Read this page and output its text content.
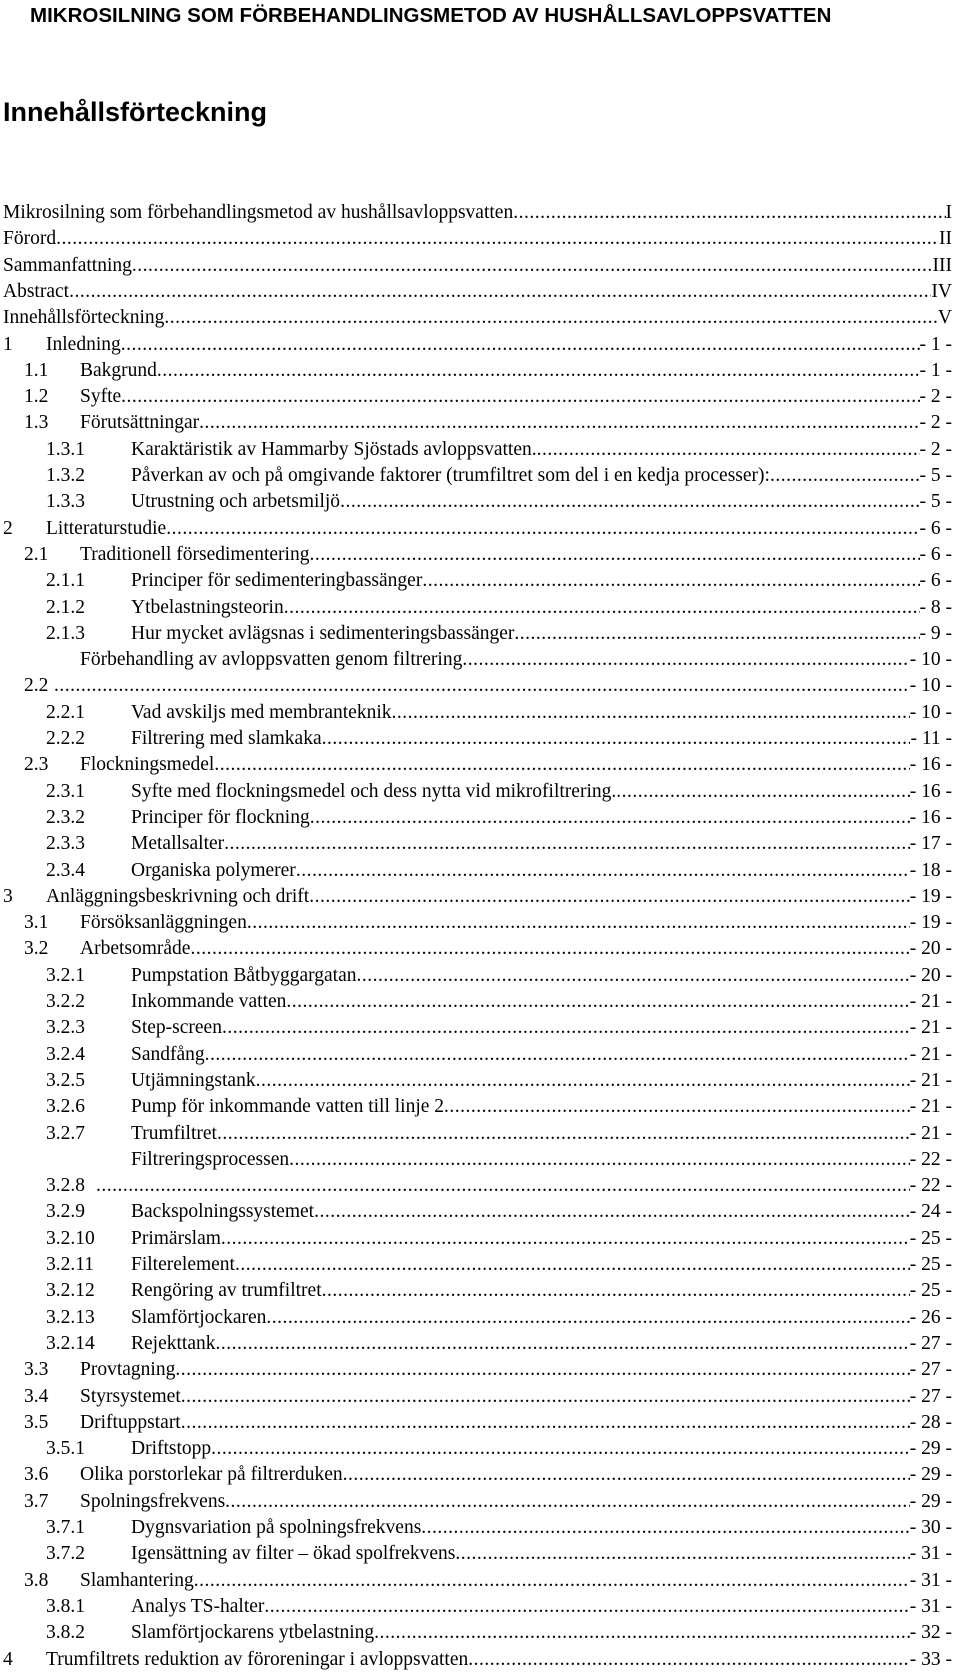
MIKROSILNING SOM FÖRBEHANDLINGSMETOD AV HUSHÅLLSAVLOPPSVATTEN
Innehållsförteckning
Mikrosilning som förbehandlingsmetod av hushållsavloppsvatten .....	I
Förord .....	II
Sammanfattning .....	III
Abstract .....	IV
Innehållsförteckning .....	V
1 Inledning .....	- 1 -
1.1 Bakgrund .....	- 1 -
1.2 Syfte .....	- 2 -
1.3 Förutsättningar .....	- 2 -
1.3.1 Karaktäristik av Hammarby Sjöstads avloppsvatten. .....	- 2 -
1.3.2 Påverkan av och på omgivande faktorer (trumfiltret som del i en kedja processer): .....	- 5 -
1.3.3 Utrustning och arbetsmiljö .....	- 5 -
2 Litteraturstudie .....	- 6 -
2.1 Traditionell försedimentering .....	- 6 -
2.1.1 Principer för sedimenteringbassänger .....	- 6 -
2.1.2 Ytbelastningsteorin .....	- 8 -
2.1.3 Hur mycket avlägsnas i sedimenteringsbassänger .....	- 9 -
Förbehandling av avloppsvatten genom filtrering .....	- 10 -
2.2 .....	- 10 -
2.2.1 Vad avskiljs med membranteknik .....	- 10 -
2.2.2 Filtrering med slamkaka .....	- 11 -
2.3 Flockningsmedel .....	- 16 -
2.3.1 Syfte med flockningsmedel och dess nytta vid mikrofiltrering. .....	- 16 -
2.3.2 Principer för flockning .....	- 16 -
2.3.3 Metallsalter .....	- 17 -
2.3.4 Organiska polymerer .....	- 18 -
3 Anläggningsbeskrivning och drift .....	- 19 -
3.1 Försöksanläggningen .....	- 19 -
3.2 Arbetsområde .....	- 20 -
3.2.1 Pumpstation Båtbyggargatan .....	- 20 -
3.2.2 Inkommande vatten .....	- 21 -
3.2.3 Step-screen .....	- 21 -
3.2.4 Sandfång .....	- 21 -
3.2.5 Utjämningstank .....	- 21 -
3.2.6 Pump för inkommande vatten till linje 2 .....	- 21 -
3.2.7 Trumfiltret .....	- 21 -
Filtreringsprocessen .....	- 22 -
3.2.8 .....	- 22 -
3.2.9 Backspolningssystemet .....	- 24 -
3.2.10 Primärslam .....	- 25 -
3.2.11 Filterelement .....	- 25 -
3.2.12 Rengöring av trumfiltret .....	- 25 -
3.2.13 Slamförtjockaren .....	- 26 -
3.2.14 Rejekttank .....	- 27 -
3.3 Provtagning .....	- 27 -
3.4 Styrsystemet .....	- 27 -
3.5 Driftuppstart .....	- 28 -
3.5.1 Driftstopp .....	- 29 -
3.6 Olika porstorlekar på filtrerduken .....	- 29 -
3.7 Spolningsfrekvens .....	- 29 -
3.7.1 Dygnsvariation på spolningsfrekvens .....	- 30 -
3.7.2 Igensättning av filter – ökad spolfrekvens .....	- 31 -
3.8 Slamhantering .....	- 31 -
3.8.1 Analys TS-halter .....	- 31 -
3.8.2 Slamförtjockarens ytbelastning .....	- 32 -
4 Trumfiltrets reduktion av föroreningar i avloppsvatten .....	- 33 -
